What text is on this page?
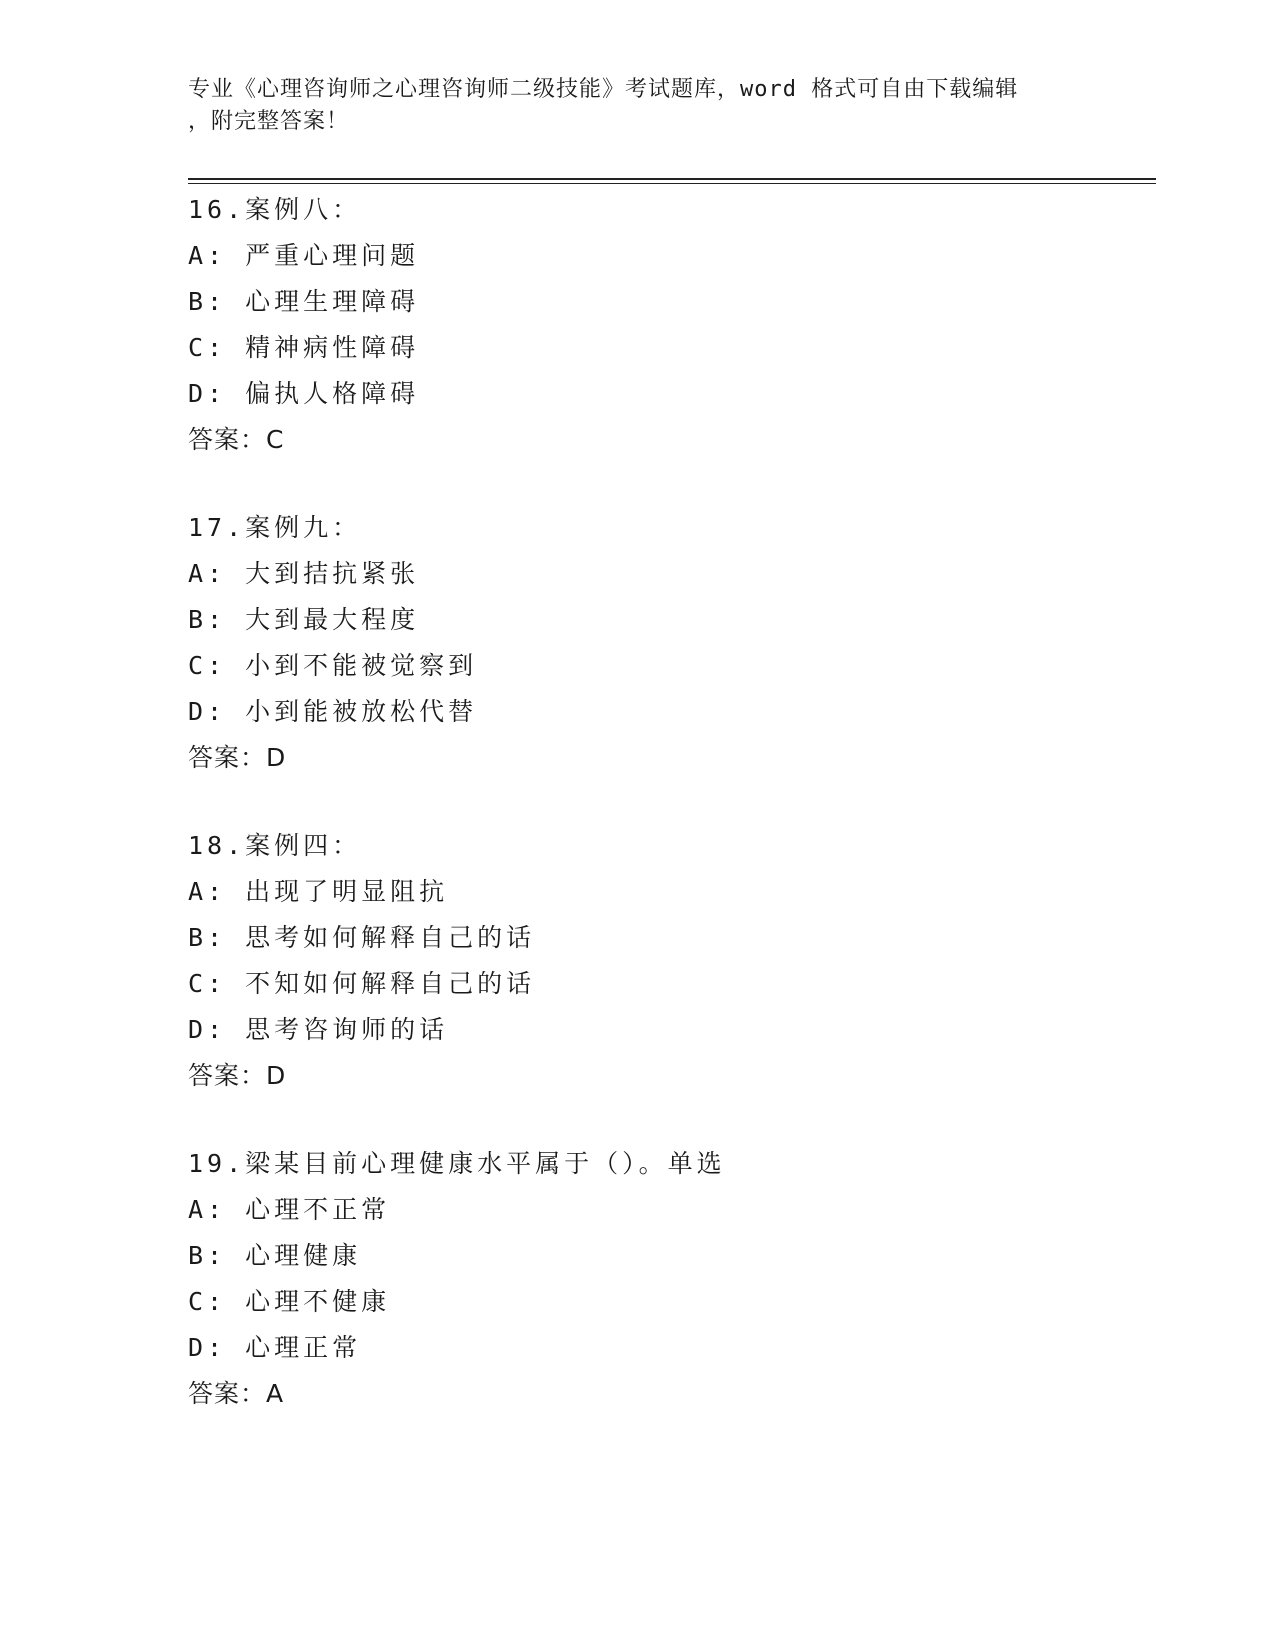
专业《心理咨询师之心理咨询师二级技能》考试题库，word 格式可自由下载编辑
，附完整答案！
16.案例八：
A: 严重心理问题
B: 心理生理障碍
C: 精神病性障碍
D: 偏执人格障碍
答案：C
17.案例九：
A: 大到拮抗紧张
B: 大到最大程度
C: 小到不能被觉察到
D: 小到能被放松代替
答案：D
18.案例四：
A: 出现了明显阻抗
B: 思考如何解释自己的话
C: 不知如何解释自己的话
D: 思考咨询师的话
答案：D
19.梁某目前心理健康水平属于（）。单选
A: 心理不正常
B: 心理健康
C: 心理不健康
D: 心理正常
答案：A
